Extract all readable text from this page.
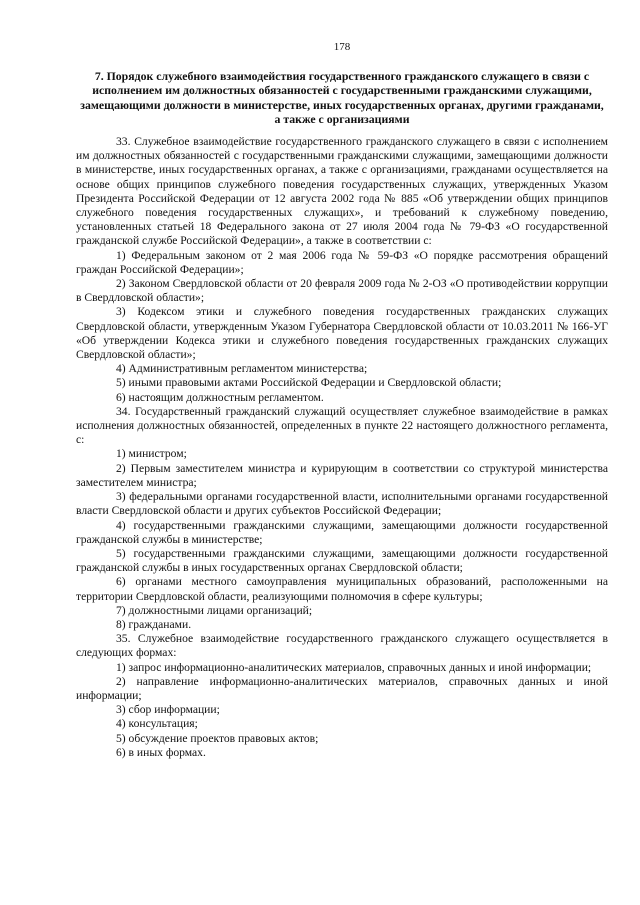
178
7. Порядок служебного взаимодействия государственного гражданского служащего в связи с исполнением им должностных обязанностей с государственными гражданскими служащими, замещающими должности в министерстве, иных государственных органах, другими гражданами, а также с организациями

33. Служебное взаимодействие государственного гражданского служащего в связи с исполнением им должностных обязанностей с государственными гражданскими служащими, замещающими должности в министерстве, иных государственных органах, а также с организациями, гражданами осуществляется на основе общих принципов служебного поведения государственных служащих, утвержденных Указом Президента Российской Федерации от 12 августа 2002 года № 885 «Об утверждении общих принципов служебного поведения государственных служащих», и требований к служебному поведению, установленных статьей 18 Федерального закона от 27 июля 2004 года № 79-ФЗ «О государственной гражданской службе Российской Федерации», а также в соответствии с:

1) Федеральным законом от 2 мая 2006 года № 59-ФЗ «О порядке рассмотрения обращений граждан Российской Федерации»;

2) Законом Свердловской области от 20 февраля 2009 года № 2-ОЗ «О противодействии коррупции в Свердловской области»;

3) Кодексом этики и служебного поведения государственных гражданских служащих Свердловской области, утвержденным Указом Губернатора Свердловской области от 10.03.2011 № 166-УГ «Об утверждении Кодекса этики и служебного поведения государственных гражданских служащих Свердловской области»;

4) Административным регламентом министерства;

5) иными правовыми актами Российской Федерации и Свердловской области;

6) настоящим должностным регламентом.

34. Государственный гражданский служащий осуществляет служебное взаимодействие в рамках исполнения должностных обязанностей, определенных в пункте 22 настоящего должностного регламента, с:

1) министром;

2) Первым заместителем министра и курирующим в соответствии со структурой министерства заместителем министра;

3) федеральными органами государственной власти, исполнительными органами государственной власти Свердловской области и других субъектов Российской Федерации;

4) государственными гражданскими служащими, замещающими должности государственной гражданской службы в министерстве;

5) государственными гражданскими служащими, замещающими должности государственной гражданской службы в иных государственных органах Свердловской области;

6) органами местного самоуправления муниципальных образований, расположенными на территории Свердловской области, реализующими полномочия в сфере культуры;

7) должностными лицами организаций;

8) гражданами.

35. Служебное взаимодействие государственного гражданского служащего осуществляется в следующих формах:

1) запрос информационно-аналитических материалов, справочных данных и иной информации;

2) направление информационно-аналитических материалов, справочных данных и иной информации;

3) сбор информации;

4) консультация;

5) обсуждение проектов правовых актов;

6) в иных формах.
